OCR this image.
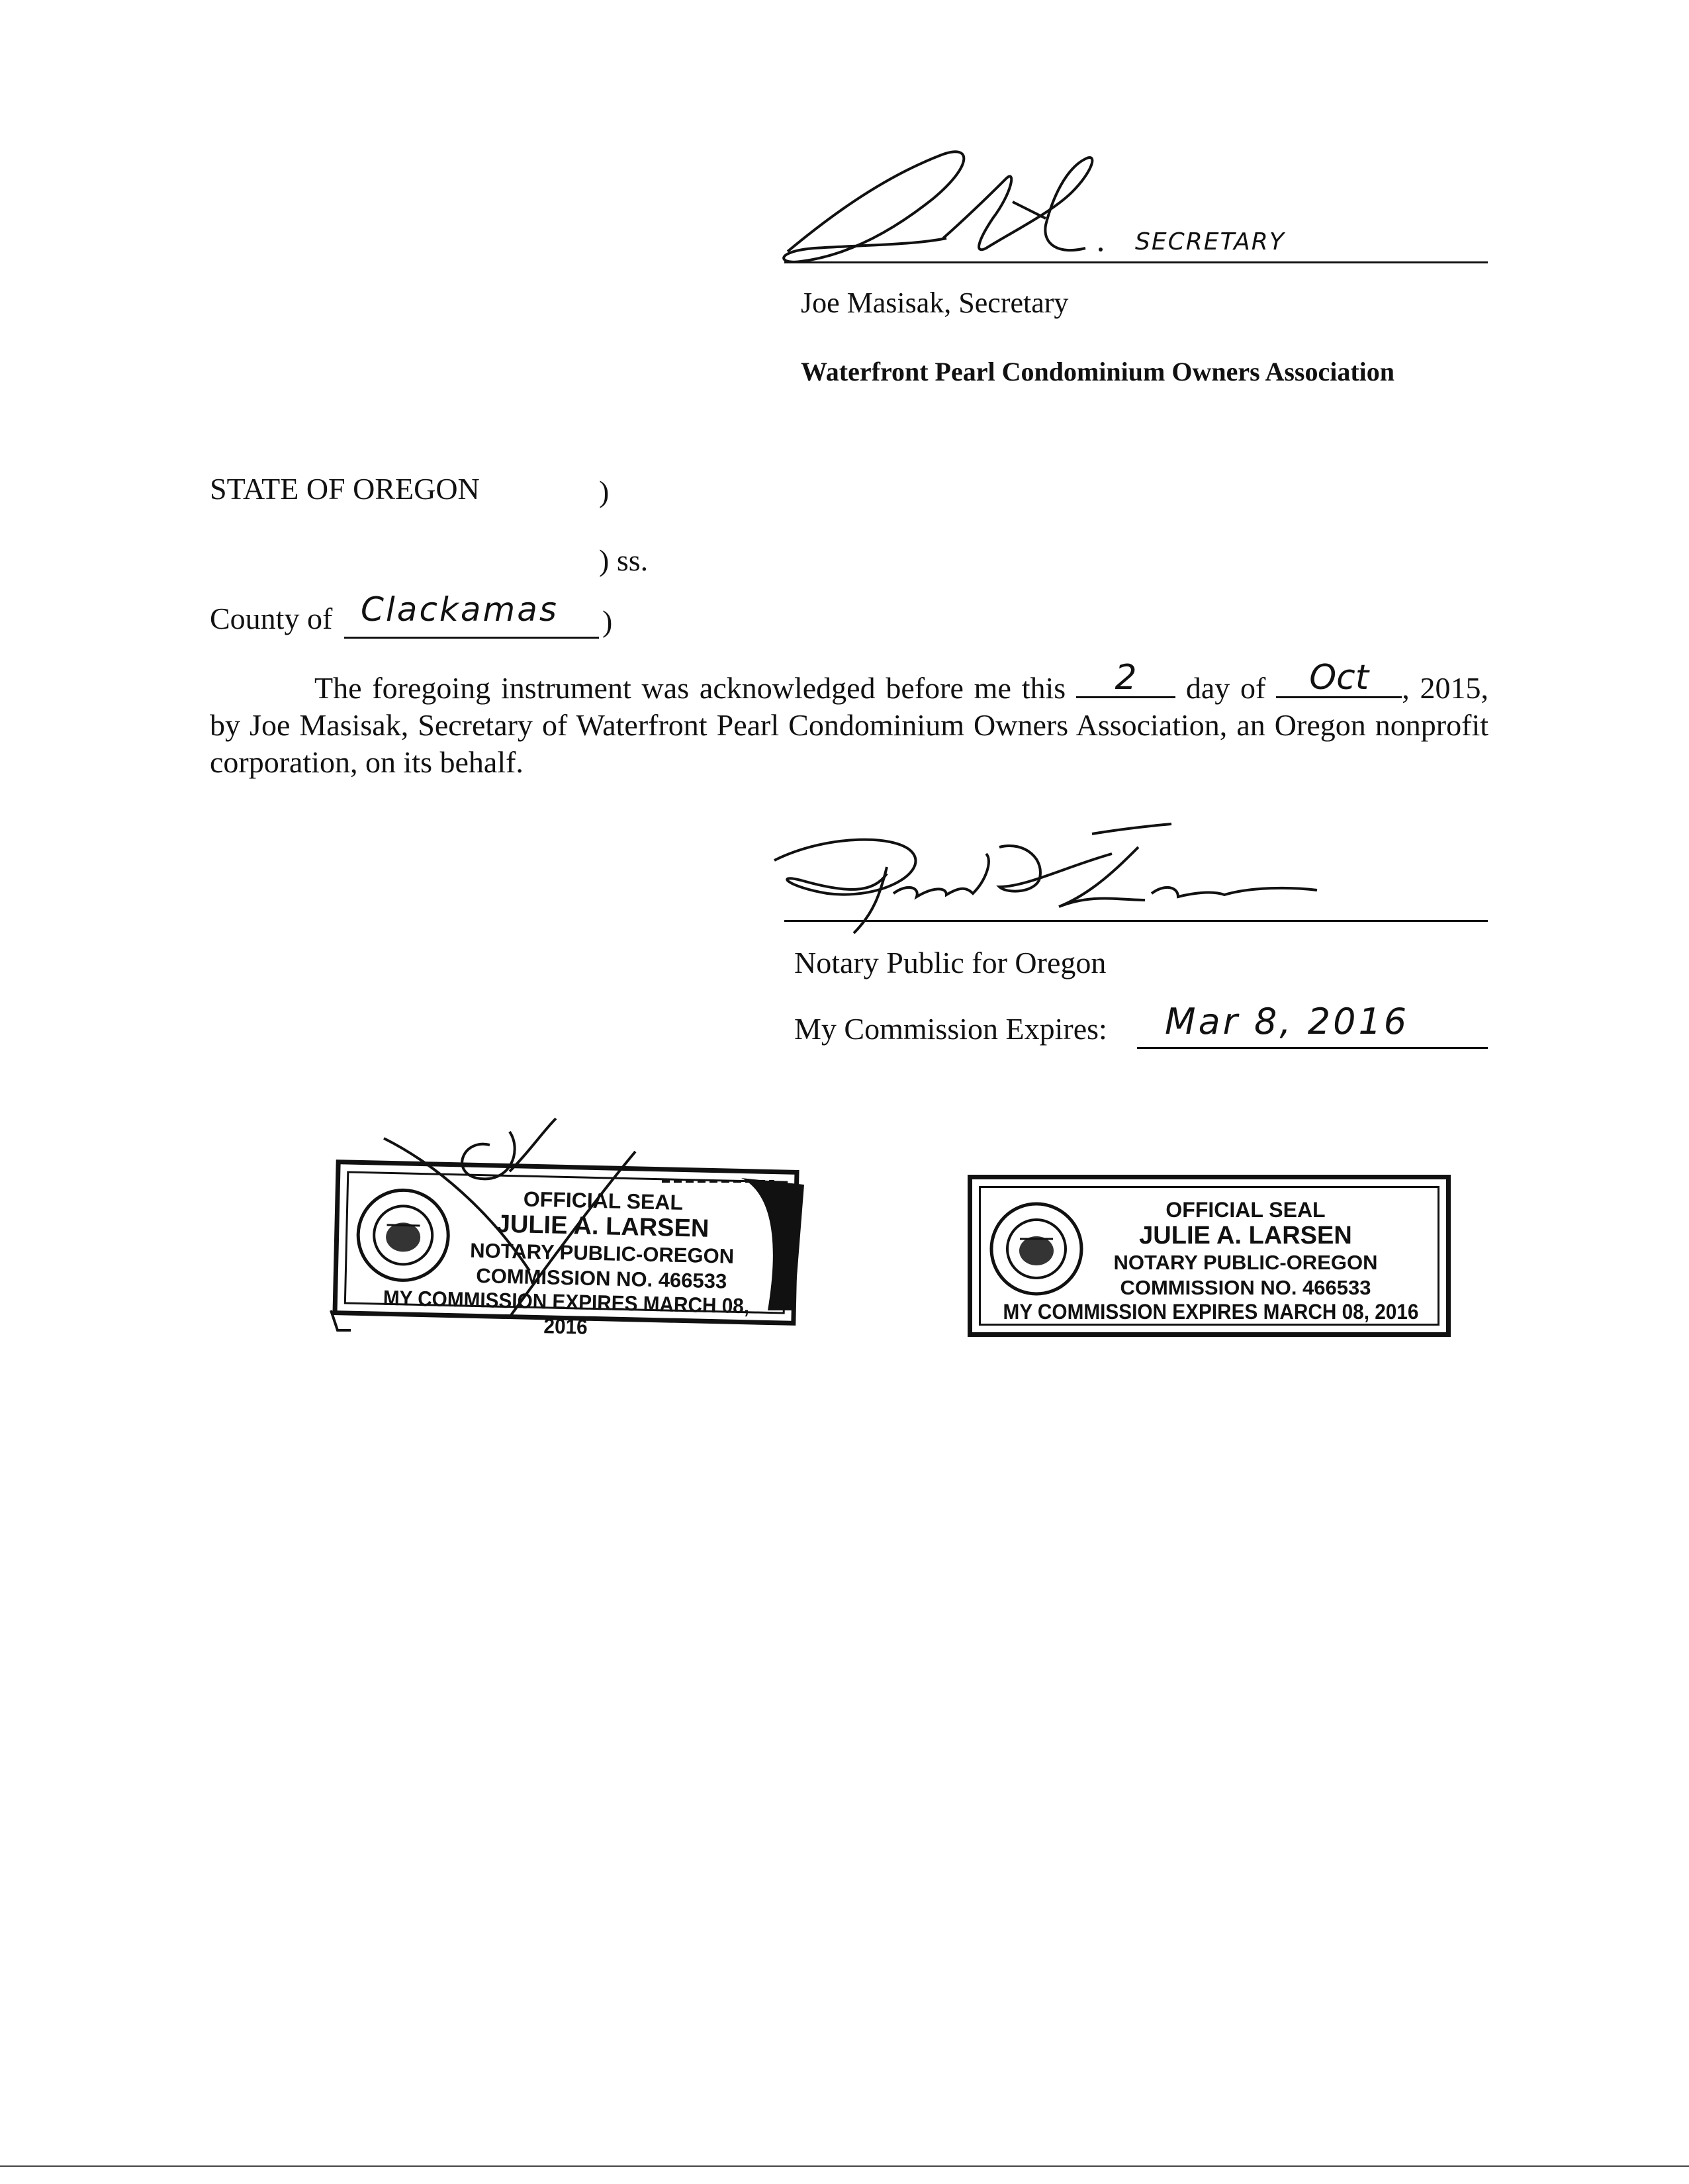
SECRETARY
Joe Masisak, Secretary
Waterfront Pearl Condominium Owners Association
STATE OF OREGON	)
) ss.
County of Clackamas )
The foregoing instrument was acknowledged before me this	2	day of	Oct	, 2015, by Joe Masisak, Secretary of Waterfront Pearl Condominium Owners Association, an Oregon nonprofit corporation, on its behalf.
Notary Public for Oregon
My Commission Expires: Mar 8, 2016
OFFICIAL SEAL
JULIE A. LARSEN
NOTARY PUBLIC-OREGON
COMMISSION NO. 466533
MY COMMISSION EXPIRES MARCH 08, 2016
OFFICIAL SEAL
JULIE A. LARSEN
NOTARY PUBLIC-OREGON
COMMISSION NO. 466533
MY COMMISSION EXPIRES MARCH 08, 2016
